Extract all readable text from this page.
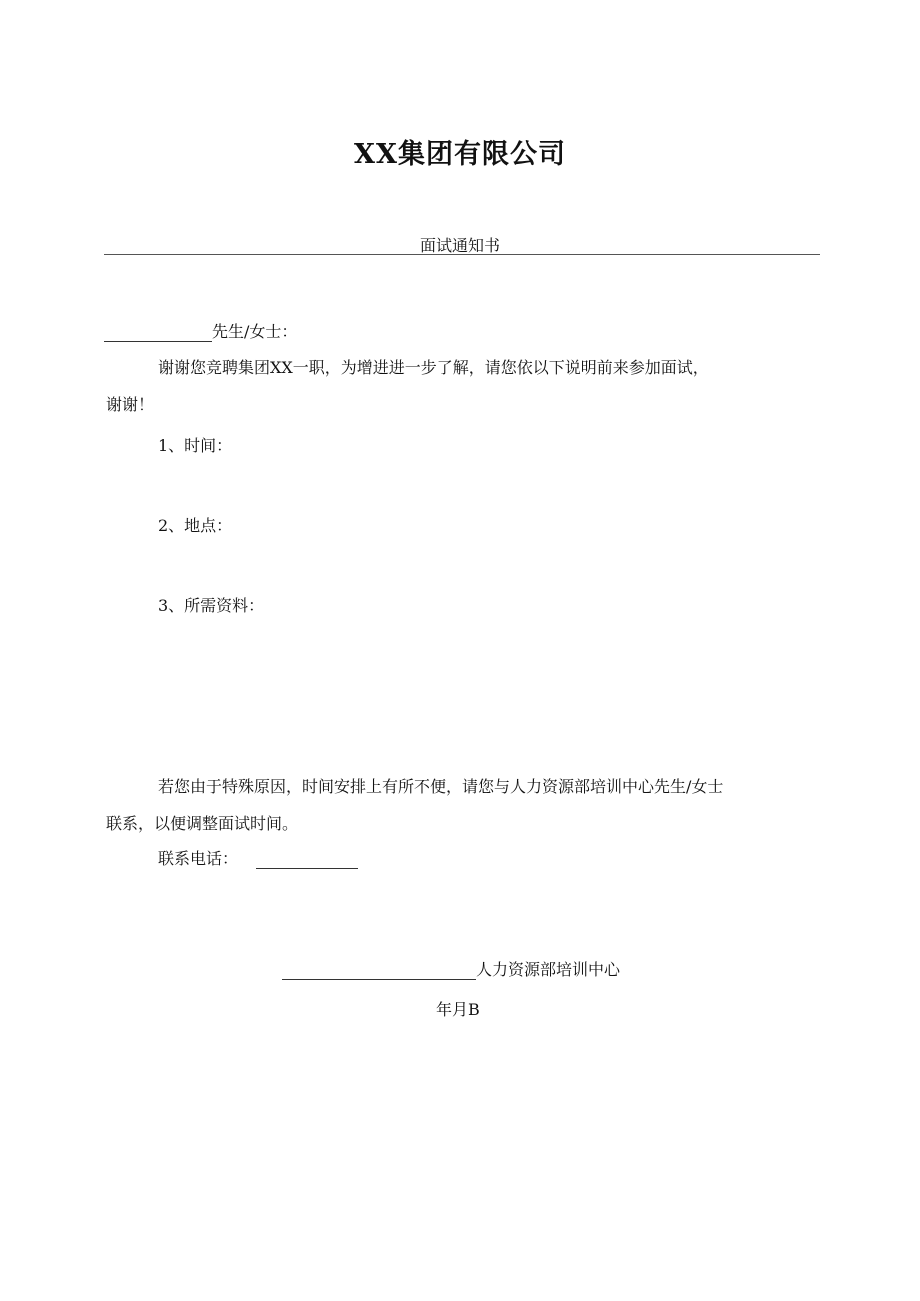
XX集团有限公司
面试通知书
先生/女士：
谢谢您竞聘集团XX一职，为增进进一步了解，请您依以下说明前来参加面试，
谢谢！
1、时间：
2、地点：
3、所需资料：
若您由于特殊原因，时间安排上有所不便，请您与人力资源部培训中心先生/女士
联系，以便调整面试时间。
联系电话：
人力资源部培训中心
年月B
